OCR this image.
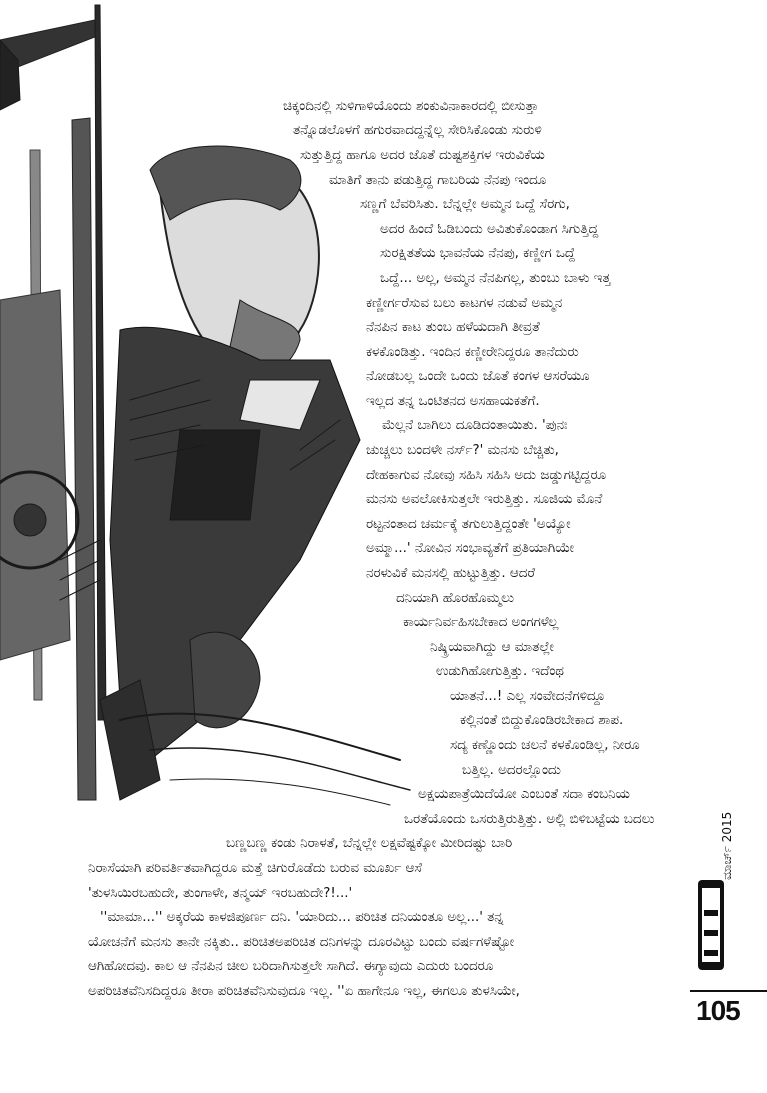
ಚಿಕ್ಕಂದಿನಲ್ಲಿ ಸುಳಿಗಾಳಿಯೊಂದು ಶಂಕುವಿನಾಕಾರದಲ್ಲಿ ಬೀಸುತ್ತಾ
ತನ್ನೊಡಲೊಳಗೆ ಹಗುರವಾದದ್ದನ್ನೆಲ್ಲ ಸೇರಿಸಿಕೊಂಡು ಸುರುಳಿ
ಸುತ್ತುತ್ತಿದ್ದ ಹಾಗೂ ಅದರ ಜೊತೆ ದುಷ್ಟಶಕ್ತಿಗಳ ಇರುವಿಕೆಯ
ಮಾತಿಗೆ ತಾನು ಪಡುತ್ತಿದ್ದ ಗಾಬರಿಯ ನೆನಪು ಇಂದೂ
ಸಣ್ಣಗೆ ಬೆವರಿಸಿತು. ಬೆನ್ನಲ್ಲೇ ಅಮ್ಮನ ಒದ್ದೆ ಸೆರಗು,
ಅದರ ಹಿಂದೆ ಓಡಿಬಂದು ಅವಿತುಕೊಂಡಾಗ ಸಿಗುತ್ತಿದ್ದ
ಸುರಕ್ಷಿತತೆಯ ಭಾವನೆಯ ನೆನಪು, ಕಣ್ಣೀಗ ಒದ್ದೆ
ಒದ್ದೆ... ಅಲ್ಲ, ಅಮ್ಮನ ನೆನಪಿಗಲ್ಲ, ತುಂಬು ಬಾಳು ಇತ್ತ
ಕಣ್ಣೀರ್ಗರೆಸುವ ಬಲು ಕಾಟಗಳ ನಡುವೆ ಅಮ್ಮನ
ನೆನಪಿನ ಕಾಟ ತುಂಬ ಹಳೆಯದಾಗಿ ತೀವ್ರತೆ
ಕಳಕೊಂಡಿತ್ತು. ಇಂದಿನ ಕಣ್ಣೀರೇನಿದ್ದರೂ ತಾನೆದುರು
ನೋಡಬಲ್ಲ ಒಂದೇ ಒಂದು ಜೊತೆ ಕಂಗಳ ಆಸರೆಯೂ
ಇಲ್ಲದ ತನ್ನ ಒಂಟಿತನದ ಅಸಹಾಯಕತೆಗೆ.
ಮೆಲ್ಲನೆ ಬಾಗಿಲು ದೂಡಿದಂತಾಯಿತು. 'ಪುನಃ
ಚುಚ್ಚಲು ಬಂದಳೇ ನರ್ಸ್?' ಮನಸು ಬೆಚ್ಚಿತು,
ದೇಹಕಾಗುವ ನೋವು ಸಹಿಸಿ ಸಹಿಸಿ ಅದು ಜಡ್ಡುಗಟ್ಟಿದ್ದರೂ
ಮನಸು ಅವಲೋಕಿಸುತ್ತಲೇ ಇರುತ್ತಿತ್ತು. ಸೂಜಿಯ ಮೊನೆ
ರಟ್ಟನಂತಾದ ಚರ್ಮಕ್ಕೆ ತಗುಲುತ್ತಿದ್ದಂತೇ 'ಅಯ್ಯೋ
ಅಮ್ಮಾ...' ನೋವಿನ ಸಂಭಾವ್ಯತೆಗೆ ಪ್ರತಿಯಾಗಿಯೇ
ನರಳುವಿಕೆ ಮನಸಲ್ಲಿ ಹುಟ್ಟುತ್ತಿತ್ತು. ಆದರೆ
ದನಿಯಾಗಿ ಹೊರಹೊಮ್ಮಲು
ಕಾರ್ಯನಿರ್ವಹಿಸಬೇಕಾದ ಅಂಗಗಳೆಲ್ಲ
ನಿಷ್ಕ್ರಿಯವಾಗಿದ್ದು ಆ ಮಾತಲ್ಲೇ
ಉಡುಗಿಹೋಗುತ್ತಿತ್ತು. ಇದೆಂಥ
ಯಾತನೆ...! ಎಲ್ಲ ಸಂವೇದನೆಗಳಿದ್ದೂ
ಕಲ್ಲಿನಂತೆ ಬಿದ್ದುಕೊಂಡಿರಬೇಕಾದ ಶಾಪ.
ಸದ್ಯ ಕಣ್ಣೊಂದು ಚಲನೆ ಕಳಕೊಂಡಿಲ್ಲ, ನೀರೂ
ಬತ್ತಿಲ್ಲ. ಅದರಲ್ಲೊಂದು
ಅಕ್ಷಯಪಾತ್ರೆಯಿದೆಯೋ ಎಂಬಂತೆ ಸದಾ ಕಂಬನಿಯ
ಒರತೆಯೊಂದು ಒಸರುತ್ತಿರುತ್ತಿತ್ತು. ಅಲ್ಲಿ ಬಿಳಿಬಟ್ಟೆಯ ಬದಲು
ಬಣ್ಣಬಣ್ಣ ಕಂಡು ನಿರಾಳತೆ, ಬೆನ್ನಲ್ಲೇ ಲಕ್ಷವೆಷ್ಟಕ್ಕೋ ಮೀರಿದಷ್ಟು ಬಾರಿ
ನಿರಾಸೆಯಾಗಿ ಪರಿವರ್ತಿತವಾಗಿದ್ದರೂ ಮತ್ತೆ ಚಿಗುರೊಡೆದು ಬರುವ ಮೂರ್ಖ ಆಸೆ
'ತುಳಸಿಯಿರಬಹುದೇ, ತುಂಗಾಳೇ, ತನ್ಮಯ್ ಇರಬಹುದೇ?!...'
''ಮಾಮಾ...'' ಅಕ್ಕರೆಯ ಕಾಳಜಿಪೂರ್ಣ ದನಿ. 'ಯಾರಿದು... ಪರಿಚಿತ ದನಿಯಂತೂ ಅಲ್ಲ...' ತನ್ನ
ಯೋಚನೆಗೆ ಮನಸು ತಾನೇ ನಕ್ಕಿತು.. ಪರಿಚಿತಅಪರಿಚಿತ ದನಿಗಳನ್ನು ದೂರವಿಟ್ಟು ಬಂದು ವರ್ಷಗಳೆಷ್ಟೋ
ಆಗಿಹೋದವು. ಕಾಲ ಆ ನೆನಪಿನ ಚೀಲ ಬರಿದಾಗಿಸುತ್ತಲೇ ಸಾಗಿದೆ. ಈಗ್ಯಾವುದು ಎದುರು ಬಂದರೂ
ಅಪರಿಚಿತವೆನಿಸದಿದ್ದರೂ ತೀರಾ ಪರಿಚಿತವೆನಿಸುವುದೂ ಇಲ್ಲ. ''ಏ ಹಾಗೇನೂ ಇಲ್ಲ, ಈಗಲೂ ತುಳಸಿಯೇ,
ಮಾರ್ಚ್ 2015
105
